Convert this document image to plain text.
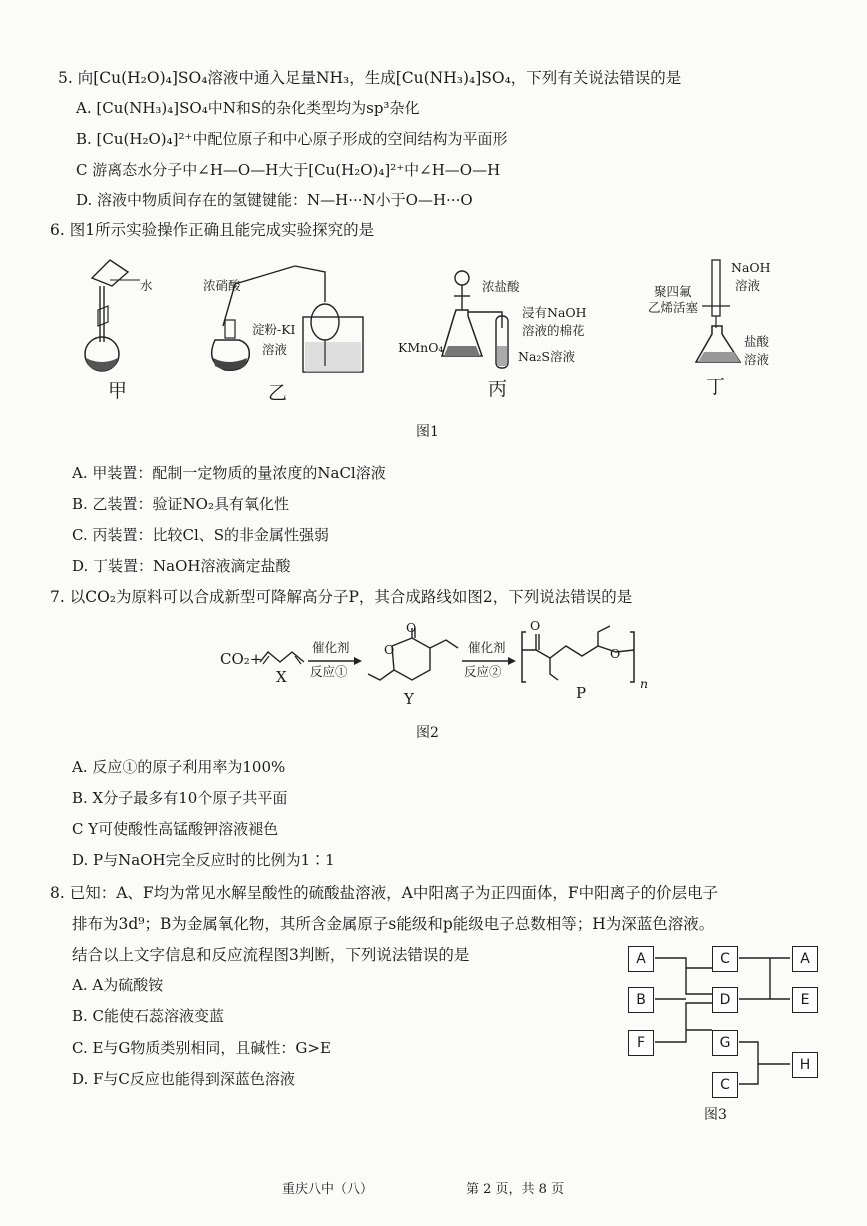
5. 向[Cu(H₂O)₄]SO₄溶液中通入足量NH₃，生成[Cu(NH₃)₄]SO₄，下列有关说法错误的是
A. [Cu(NH₃)₄]SO₄中N和S的杂化类型均为sp³杂化
B. [Cu(H₂O)₄]²⁺中配位原子和中心原子形成的空间结构为平面形
C 游离态水分子中∠H—O—H大于[Cu(H₂O)₄]²⁺中∠H—O—H
D. 溶液中物质间存在的氢键键能：N—H···N小于O—H···O
6. 图1所示实验操作正确且能完成实验探究的是
水
甲
浓硝酸
淀粉-KI
溶液
乙
浓盐酸
浸有NaOH
溶液的棉花
KMnO₄
Na₂S溶液
丙
NaOH
溶液
聚四氟
乙烯活塞
盐酸
溶液
丁
图1
A. 甲装置：配制一定物质的量浓度的NaCl溶液
B. 乙装置：验证NO₂具有氧化性
C. 丙装置：比较Cl、S的非金属性强弱
D. 丁装置：NaOH溶液滴定盐酸
7. 以CO₂为原料可以合成新型可降解高分子P，其合成路线如图2，下列说法错误的是
CO₂+
X
催化剂
反应①
O
O
Y
催化剂
反应②
O
O
n
P
图2
A. 反应①的原子利用率为100%
B. X分子最多有10个原子共平面
C Y可使酸性高锰酸钾溶液褪色
D. P与NaOH完全反应时的比例为1∶1
8. 已知：A、F均为常见水解呈酸性的硫酸盐溶液，A中阳离子为正四面体，F中阳离子的价层电子
排布为3d⁹；B为金属氧化物，其所含金属原子s能级和p能级电子总数相等；H为深蓝色溶液。
结合以上文字信息和反应流程图3判断，下列说法错误的是
A. A为硫酸铵
B. C能使石蕊溶液变蓝
C. E与G物质类别相同，且碱性：G>E
D. F与C反应也能得到深蓝色溶液
A
B
F
C
D
G
C
A
E
H
图3
重庆八中（八）	第 2 页，共 8 页
